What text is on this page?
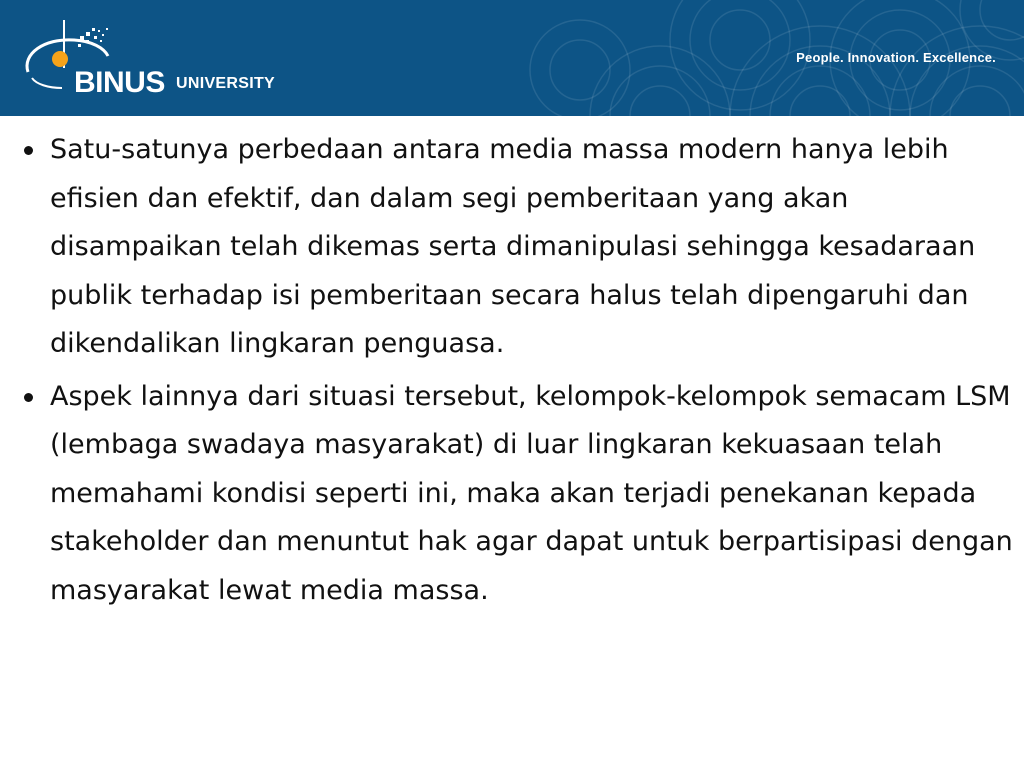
BINUS UNIVERSITY
People. Innovation. Excellence.
Satu-satunya perbedaan antara media massa modern hanya lebih efisien dan efektif, dan dalam segi pemberitaan yang akan disampaikan telah dikemas serta dimanipulasi sehingga kesadaraan publik terhadap isi pemberitaan secara halus telah dipengaruhi dan dikendalikan lingkaran penguasa.
Aspek lainnya dari situasi tersebut, kelompok-kelompok semacam LSM (lembaga swadaya masyarakat) di luar lingkaran kekuasaan telah memahami kondisi seperti ini, maka akan terjadi penekanan kepada stakeholder dan menuntut hak agar dapat untuk berpartisipasi dengan masyarakat lewat media massa.
